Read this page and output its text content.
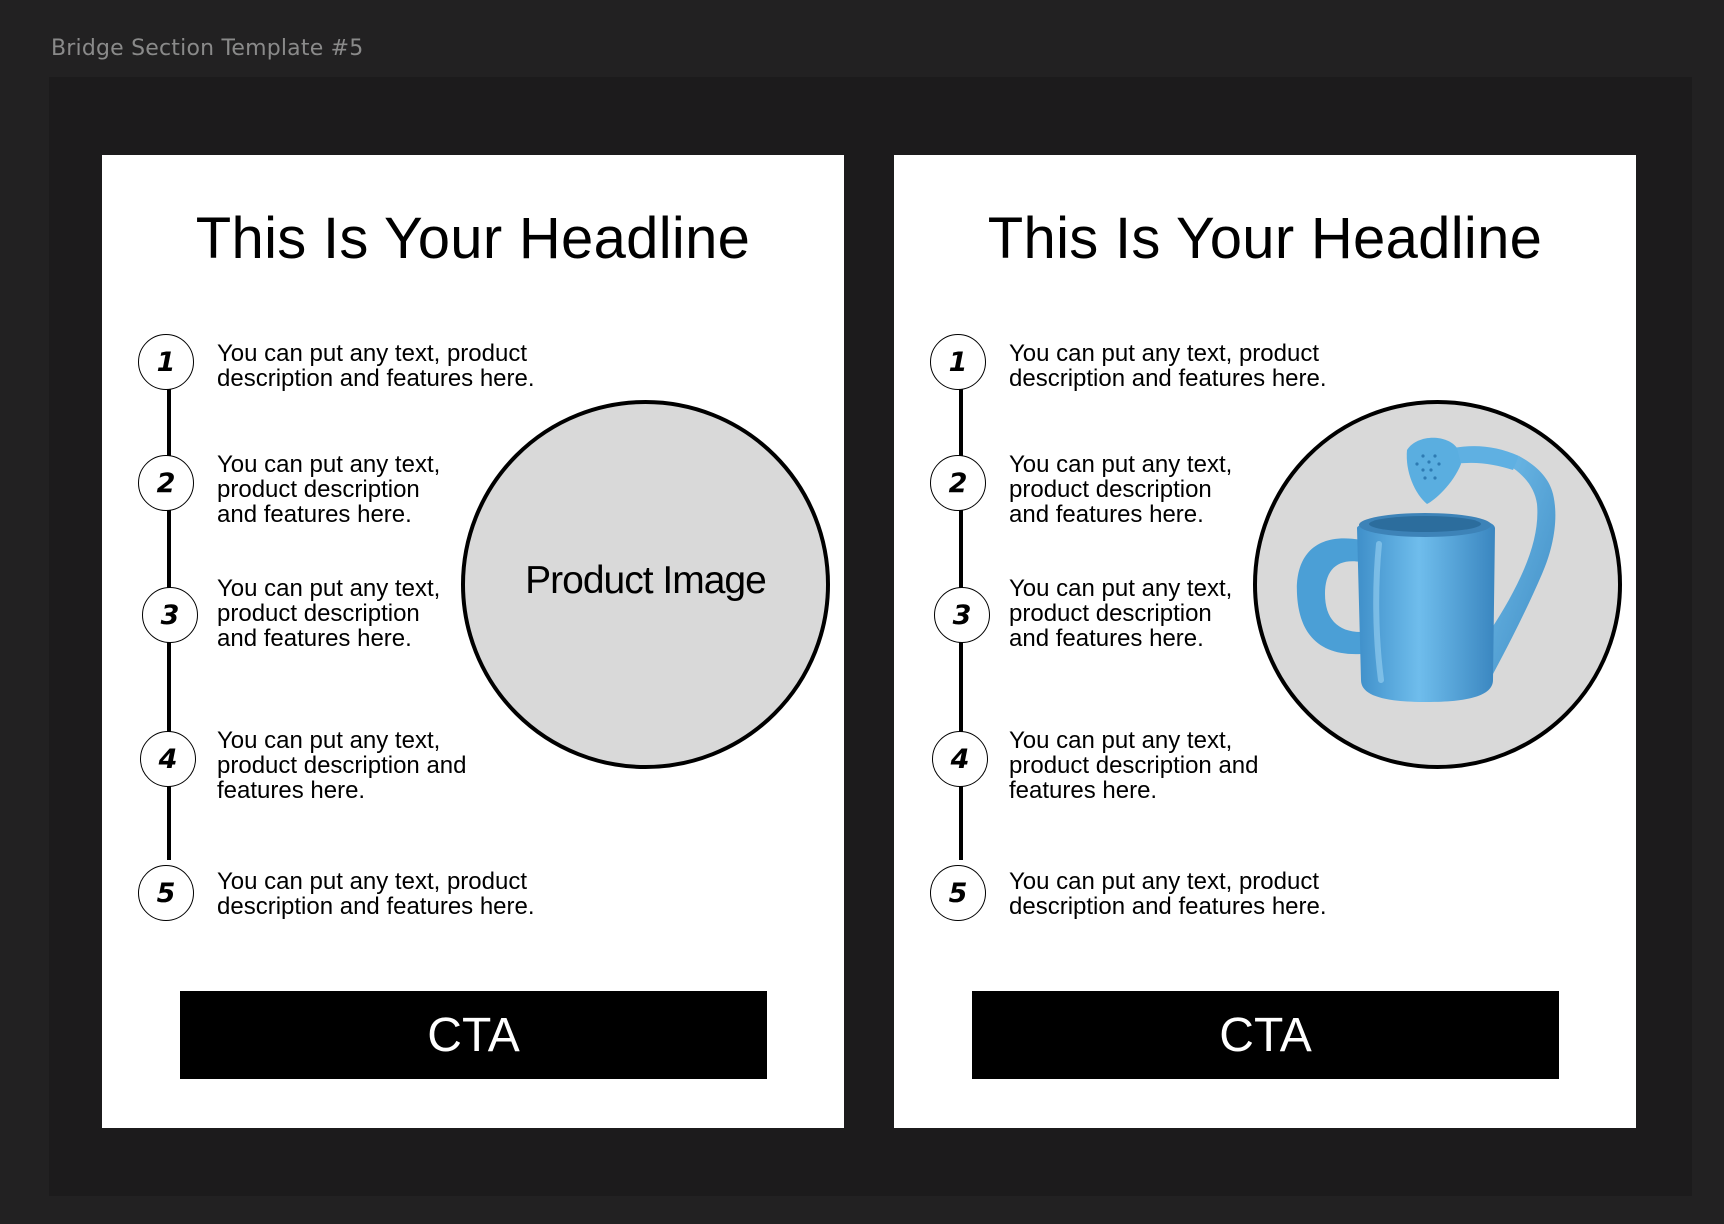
Bridge Section Template #5
This Is Your Headline
1	You can put any text, product
description and features here.
2
You can put any text,
product description
and features here.
3
You can put any text,
product description
and features here.
4
You can put any text,
product description and
features here.
5	You can put any text, product
description and features here.
Product Image
CTA
This Is Your Headline
1	You can put any text, product
description and features here.
2
You can put any text,
product description
and features here.
3
You can put any text,
product description
and features here.
4
You can put any text,
product description and
features here.
5	You can put any text, product
description and features here.
CTA
